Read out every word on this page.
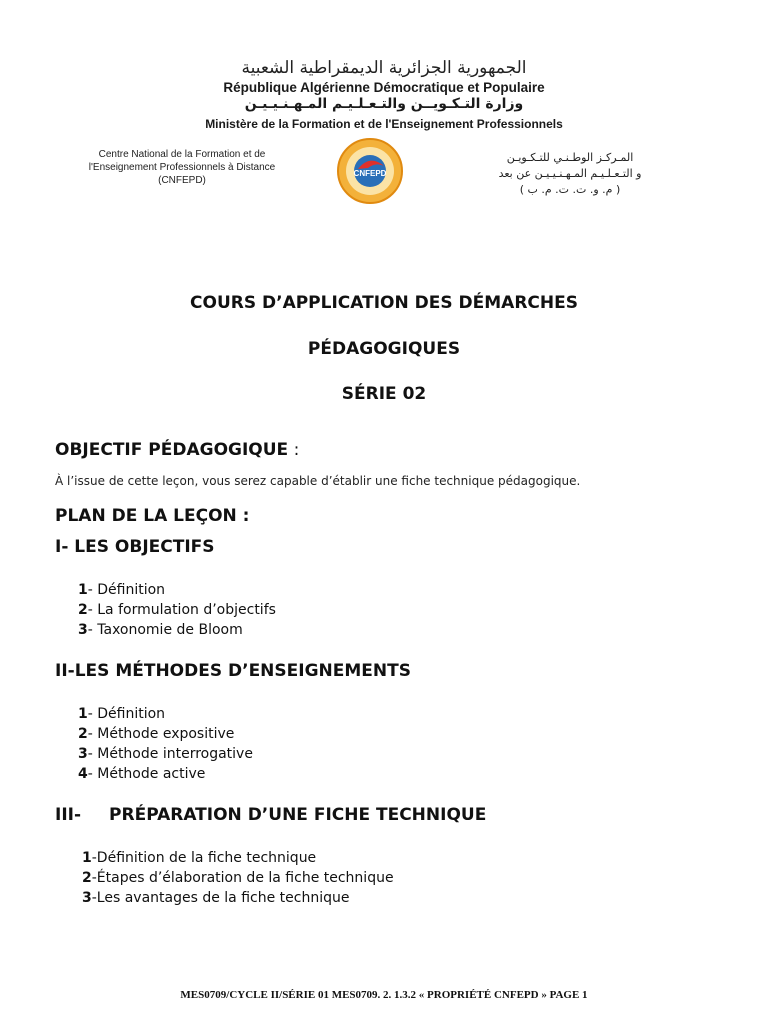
الجمهورية الجزائرية الديمقراطية الشعبية
République Algérienne Démocratique et Populaire
وزارة التـكـويــن والتـعـلـيـم المـهـنـيـيـن
Ministère de la Formation et de l'Enseignement Professionnels
Centre National de la Formation et de
l'Enseignement Professionnels à Distance
(CNFEPD)
CNFEPD
المـركـز الوطـنـي للتـكـويـن
و التـعـلـيـم المـهـنـيـيـن عن بعد
( م. و. ت. ت. م. ب )
COURS D’APPLICATION DES DÉMARCHES
PÉDAGOGIQUES
SÉRIE 02
OBJECTIF PÉDAGOGIQUE :
À l’issue de cette leçon, vous serez capable d’établir une fiche technique pédagogique.
PLAN DE LA LEÇON :
I- LES OBJECTIFS
1- Définition
2- La formulation d’objectifs
3- Taxonomie de Bloom
II-LES MÉTHODES D’ENSEIGNEMENTS
1- Définition
2- Méthode expositive
3- Méthode interrogative
4- Méthode active
III- PRÉPARATION D’UNE FICHE TECHNIQUE
1-Définition de la fiche technique
2-Étapes d’élaboration de la fiche technique
3-Les avantages de la fiche technique
MES0709/CYCLE II/SÉRIE 01 MES0709. 2. 1.3.2 « PROPRIÉTÉ CNFEPD » PAGE 1
